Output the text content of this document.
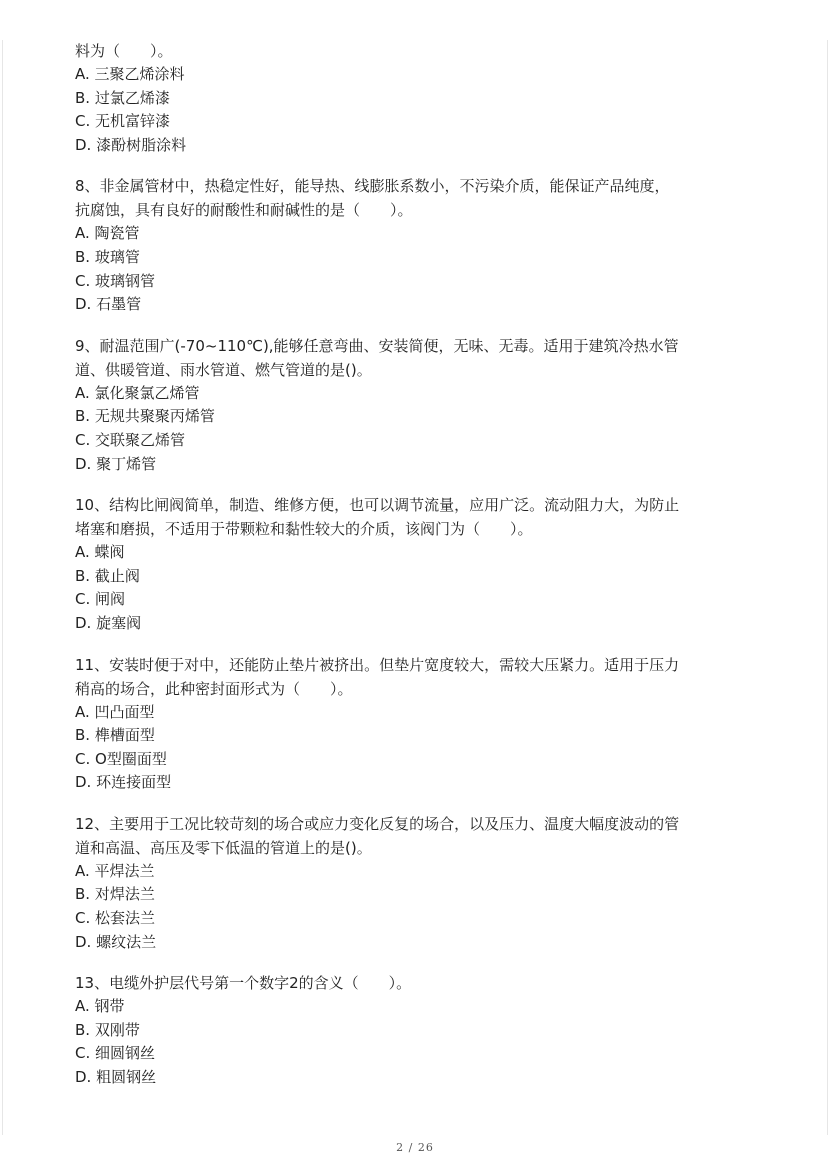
料为（　　）。
A. 三聚乙烯涂料
B. 过氯乙烯漆
C. 无机富锌漆
D. 漆酚树脂涂料
8、非金属管材中，热稳定性好，能导热、线膨胀系数小，不污染介质，能保证产品纯度，
抗腐蚀，具有良好的耐酸性和耐碱性的是（　　）。
A. 陶瓷管
B. 玻璃管
C. 玻璃钢管
D. 石墨管
9、耐温范围广(-70~110℃),能够任意弯曲、安装简便，无味、无毒。适用于建筑冷热水管
道、供暖管道、雨水管道、燃气管道的是()。
A. 氯化聚氯乙烯管
B. 无规共聚聚丙烯管
C. 交联聚乙烯管
D. 聚丁烯管
10、结构比闸阀简单，制造、维修方便，也可以调节流量，应用广泛。流动阻力大，为防止
堵塞和磨损，不适用于带颗粒和黏性较大的介质，该阀门为（　　）。
A. 蝶阀
B. 截止阀
C. 闸阀
D. 旋塞阀
11、安装时便于对中，还能防止垫片被挤出。但垫片宽度较大，需较大压紧力。适用于压力
稍高的场合，此种密封面形式为（　　）。
A. 凹凸面型
B. 榫槽面型
C. O型圈面型
D. 环连接面型
12、主要用于工况比较苛刻的场合或应力变化反复的场合，以及压力、温度大幅度波动的管
道和高温、高压及零下低温的管道上的是()。
A. 平焊法兰
B. 对焊法兰
C. 松套法兰
D. 螺纹法兰
13、电缆外护层代号第一个数字2的含义（　　）。
A. 钢带
B. 双刚带
C. 细圆钢丝
D. 粗圆钢丝
2 / 26
